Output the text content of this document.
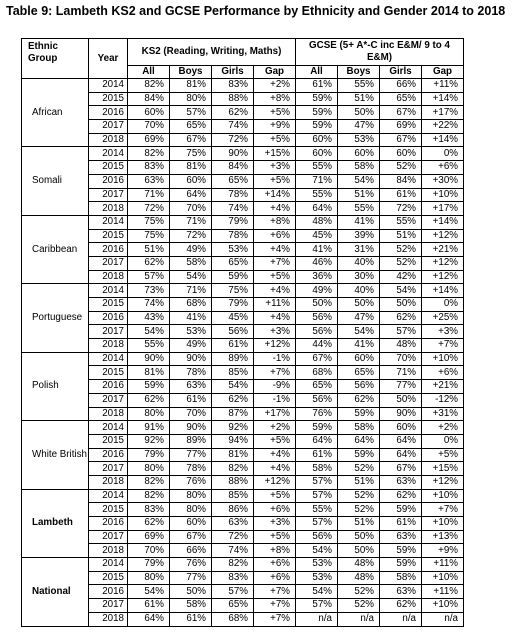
Table 9: Lambeth KS2 and GCSE Performance by Ethnicity and Gender 2014 to 2018
Ethnic Group	Year	KS2 (Reading, Writing, Maths)				GCSE (5+ A*-C inc E&M/ 9 to 4 E&M)			
		All	Boys	Girls	Gap	All	Boys	Girls	Gap
African	2014	82%	81%	83%	+2%	61%	55%	66%	+11%
	2015	84%	80%	88%	+8%	59%	51%	65%	+14%
	2016	60%	57%	62%	+5%	59%	50%	67%	+17%
	2017	70%	65%	74%	+9%	59%	47%	69%	+22%
	2018	69%	67%	72%	+5%	60%	53%	67%	+14%
Somali	2014	82%	75%	90%	+15%	60%	60%	60%	0%
	2015	83%	81%	84%	+3%	55%	58%	52%	+6%
	2016	63%	60%	65%	+5%	71%	54%	84%	+30%
	2017	71%	64%	78%	+14%	55%	51%	61%	+10%
	2018	72%	70%	74%	+4%	64%	55%	72%	+17%
Caribbean	2014	75%	71%	79%	+8%	48%	41%	55%	+14%
	2015	75%	72%	78%	+6%	45%	39%	51%	+12%
	2016	51%	49%	53%	+4%	41%	31%	52%	+21%
	2017	62%	58%	65%	+7%	46%	40%	52%	+12%
	2018	57%	54%	59%	+5%	36%	30%	42%	+12%
Portuguese	2014	73%	71%	75%	+4%	49%	40%	54%	+14%
	2015	74%	68%	79%	+11%	50%	50%	50%	0%
	2016	43%	41%	45%	+4%	56%	47%	62%	+25%
	2017	54%	53%	56%	+3%	56%	54%	57%	+3%
	2018	55%	49%	61%	+12%	44%	41%	48%	+7%
Polish	2014	90%	90%	89%	-1%	67%	60%	70%	+10%
	2015	81%	78%	85%	+7%	68%	65%	71%	+6%
	2016	59%	63%	54%	-9%	65%	56%	77%	+21%
	2017	62%	61%	62%	-1%	56%	62%	50%	-12%
	2018	80%	70%	87%	+17%	76%	59%	90%	+31%
White British	2014	91%	90%	92%	+2%	59%	58%	60%	+2%
	2015	92%	89%	94%	+5%	64%	64%	64%	0%
	2016	79%	77%	81%	+4%	61%	59%	64%	+5%
	2017	80%	78%	82%	+4%	58%	52%	67%	+15%
	2018	82%	76%	88%	+12%	57%	51%	63%	+12%
Lambeth	2014	82%	80%	85%	+5%	57%	52%	62%	+10%
	2015	83%	80%	86%	+6%	55%	52%	59%	+7%
	2016	62%	60%	63%	+3%	57%	51%	61%	+10%
	2017	69%	67%	72%	+5%	56%	50%	63%	+13%
	2018	70%	66%	74%	+8%	54%	50%	59%	+9%
National	2014	79%	76%	82%	+6%	53%	48%	59%	+11%
	2015	80%	77%	83%	+6%	53%	48%	58%	+10%
	2016	54%	50%	57%	+7%	54%	52%	63%	+11%
	2017	61%	58%	65%	+7%	57%	52%	62%	+10%
	2018	64%	61%	68%	+7%	n/a	n/a	n/a	n/a
